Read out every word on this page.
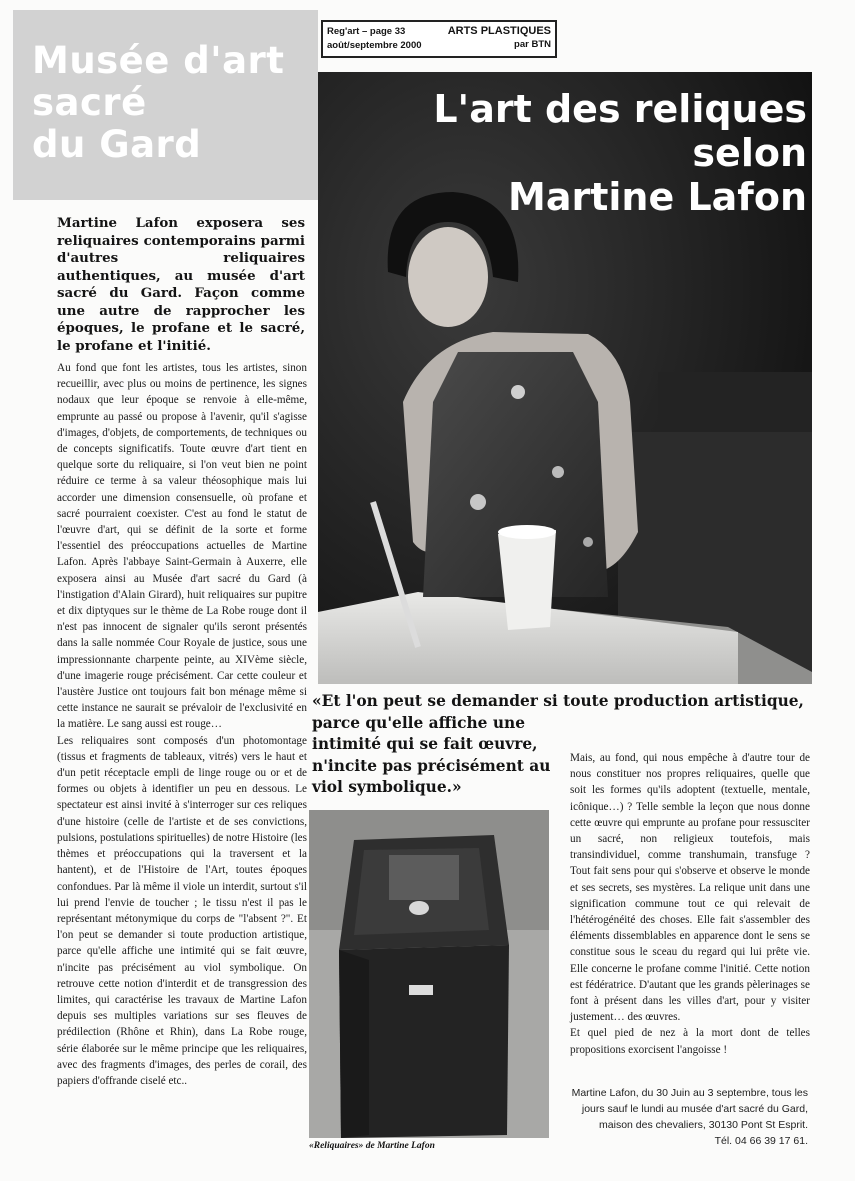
Musée d'art
sacré
du Gard
Reg'art – page 33
août/septembre 2000
ARTS PLASTIQUES
par BTN
L'art des reliques
selon
Martine Lafon
Martine Lafon exposera ses reliquaires contemporains parmi d'autres reliquaires authentiques, au musée d'art sacré du Gard. Façon comme une autre de rapprocher les époques, le profane et le sacré, le profane et l'initié.

Au fond que font les artistes, tous les artistes, sinon recueillir, avec plus ou moins de pertinence, les signes nodaux que leur époque se renvoie à elle-même, emprunte au passé ou propose à l'avenir, qu'il s'agisse d'images, d'objets, de comportements, de techniques ou de concepts significatifs. Toute œuvre d'art tient en quelque sorte du reliquaire, si l'on veut bien ne point réduire ce terme à sa valeur théosophique mais lui accorder une dimension consensuelle, où profane et sacré pourraient coexister. C'est au fond le statut de l'œuvre d'art, qui se définit de la sorte et forme l'essentiel des préoccupations actuelles de Martine Lafon. Après l'abbaye Saint-Germain à Auxerre, elle exposera ainsi au Musée d'art sacré du Gard (à l'instigation d'Alain Girard), huit reliquaires sur pupitre et dix diptyques sur le thème de La Robe rouge dont il n'est pas innocent de signaler qu'ils seront présentés dans la salle nommée Cour Royale de justice, sous une impressionnante charpente peinte, au XIVème siècle, d'une imagerie rouge précisément. Car cette couleur et l'austère Justice ont toujours fait bon ménage même si cette instance ne saurait se prévaloir de l'exclusivité en la matière. Le sang aussi est rouge…

Les reliquaires sont composés d'un photomontage (tissus et fragments de tableaux, vitrés) vers le haut et d'un petit réceptacle empli de linge rouge ou or et de formes ou objets à identifier un peu en dessous. Le spectateur est ainsi invité à s'interroger sur ces reliques d'une histoire (celle de l'artiste et de ses convictions, pulsions, postulations spirituelles) de notre Histoire (les thèmes et préoccupations qui la traversent et la hantent), et de l'Histoire de l'Art, toutes époques confondues. Par là même il viole un interdit, surtout s'il lui prend l'envie de toucher ; le tissu n'est il pas le représentant métonymique du corps de "l'absent ?". Et l'on peut se demander si toute production artistique, parce qu'elle affiche une intimité qui se fait œuvre, n'incite pas précisément au viol symbolique. On retrouve cette notion d'interdit et de transgression des limites, qui caractérise les travaux de Martine Lafon depuis ses multiples variations sur ses fleuves de prédilection (Rhône et Rhin), dans La Robe rouge, série élaborée sur le même principe que les reliquaires, avec des fragments d'images, des perles de corail, des papiers d'offrande ciselé etc..

«Et l'on peut se demander si toute production artistique, parce qu'elle affiche une
intimité qui se fait œuvre, n'incite pas précisément au viol symbolique.»
«Reliquaires» de Martine Lafon

Mais, au fond, qui nous empêche à d'autre tour de nous constituer nos propres reliquaires, quelle que soit les formes qu'ils adoptent (textuelle, mentale, icônique…) ? Telle semble la leçon que nous donne cette œuvre qui emprunte au profane pour ressusciter un sacré, non religieux toutefois, mais transindividuel, comme transhumain, transfuge ? Tout fait sens pour qui s'observe et observe le monde et ses secrets, ses mystères. La relique unit dans une signification commune tout ce qui relevait de l'hétérogénéité des choses. Elle fait s'assembler des éléments dissemblables en apparence dont le sens se constitue sous le sceau du regard qui lui prête vie. Elle concerne le profane comme l'initié. Cette notion est fédératrice. D'autant que les grands pèlerinages se font à présent dans les villes d'art, pour y visiter justement… des œuvres.

Et quel pied de nez à la mort dont de telles propositions exorcisent l'angoisse !

Martine Lafon, du 30 Juin au 3 septembre, tous les
jours sauf le lundi au musée d'art sacré du Gard,
maison des chevaliers, 30130 Pont St Esprit.
Tél. 04 66 39 17 61.
